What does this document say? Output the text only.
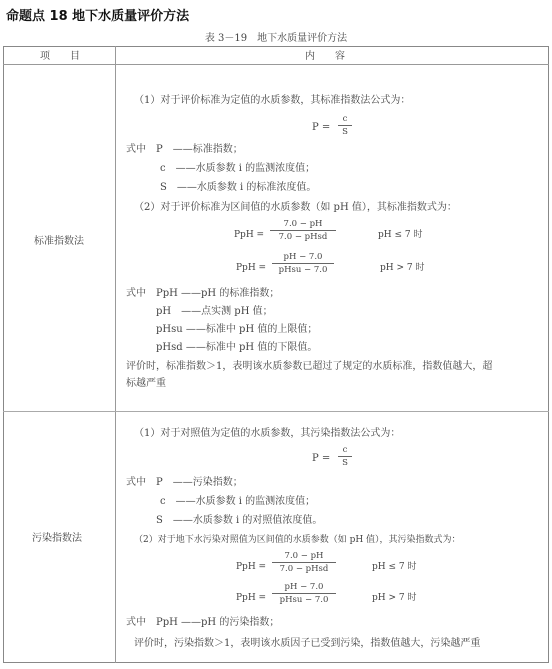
命题点 18 地下水质量评价方法
表 3－19　地下水质量评价方法
项　　目	内　　容
标准指数法
（1）对于评价标准为定值的水质参数，其标准指数法公式为：
P =
c
S
式中　P　——标准指数；
c　——水质参数 i 的监测浓度值；
S　——水质参数 i 的标准浓度值。
（2）对于评价标准为区间值的水质参数（如 pH 值），其标准指数式为：
PpH =
7.0 − pH
7.0 − pHsd	pH ≤ 7 时
PpH =
pH − 7.0
pHsu − 7.0	pH > 7 时
式中　PpH ——pH 的标准指数；
pH　——点实测 pH 值；
pHsu ——标准中 pH 值的上限值；
pHsd ——标准中 pH 值的下限值。
评价时，标准指数＞1，表明该水质参数已超过了规定的水质标准，指数值越大，超
标越严重
污染指数法
（1）对于对照值为定值的水质参数，其污染指数法公式为：
P =
c
S
式中　P　——污染指数；
c　——水质参数 i 的监测浓度值；
S　——水质参数 i 的对照值浓度值。
（2）对于地下水污染对照值为区间值的水质参数（如 pH 值），其污染指数式为：
PpH =
7.0 − pH
7.0 − pHsd	pH ≤ 7 时
PpH =
pH − 7.0
pHsu − 7.0	pH > 7 时
式中　PpH ——pH 的污染指数；
评价时，污染指数＞1，表明该水质因子已受到污染，指数值越大，污染越严重
